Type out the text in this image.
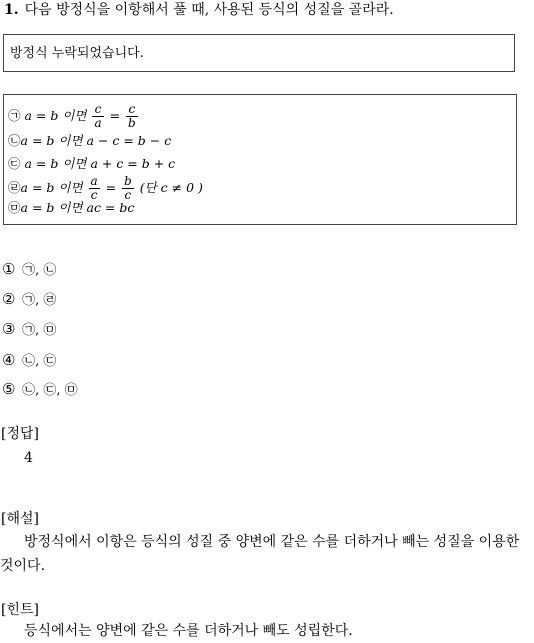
1. 다음 방정식을 이항해서 풀 때, 사용된 등식의 성질을 골라라.
방정식 누락되었습니다.
㉠ a = b 이면 $\frac{c}{a} = \frac{c}{b}$
㉡a = b 이면 a − c = b − c
㉢ a = b 이면 a + c = b + c
㉣a = b 이면 $\frac{a}{c} = \frac{b}{c}$ (단 c ≠ 0 )
㉤a = b 이면 ac = bc
① ㉠, ㉡
② ㉠, ㉣
③ ㉠, ㉤
④ ㉡, ㉢
⑤ ㉡, ㉢, ㉤
[정답]
4
[해설]
방정식에서 이항은 등식의 성질 중 양변에 같은 수를 더하거나 빼는 성질을 이용한 것이다.
[힌트]
등식에서는 양변에 같은 수를 더하거나 빼도 성립한다.
